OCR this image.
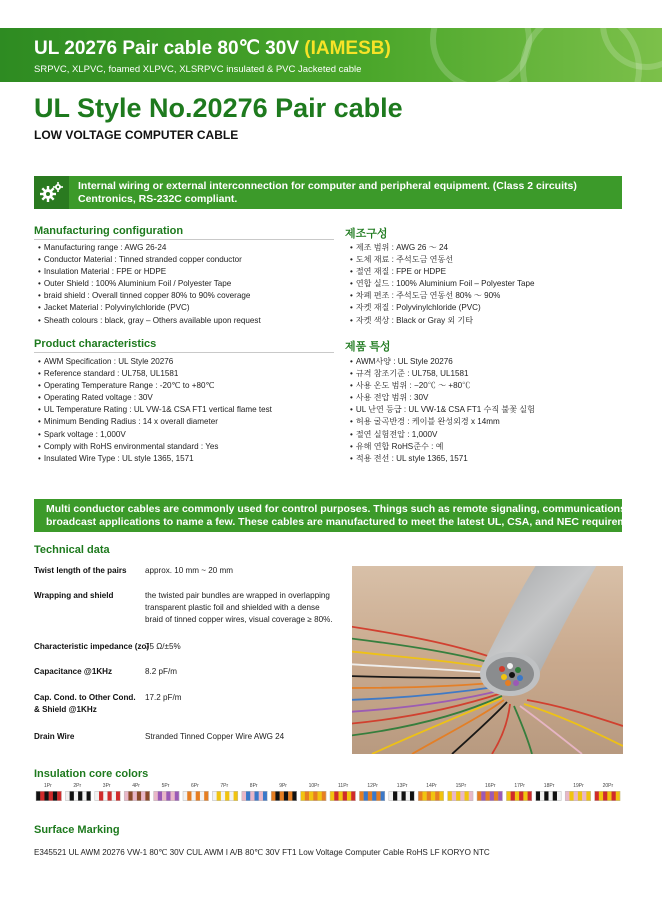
UL 20276 Pair cable 80℃ 30V (IAMESB)
SRPVC, XLPVC, foamed XLPVC, XLSRPVC insulated & PVC Jacketed cable
UL Style No.20276 Pair cable
LOW VOLTAGE COMPUTER CABLE
Internal wiring or external interconnection for computer and peripheral equipment. (Class 2 circuits)
Centronics, RS-232C compliant.
Manufacturing configuration
• Manufacturing range : AWG 26-24
• Conductor Material : Tinned stranded copper conductor
• Insulation Material : FPE or HDPE
• Outer Shield : 100% Aluminium Foil / Polyester Tape
• braid shield : Overall tinned copper 80% to 90% coverage
• Jacket Material : Polyvinylchloride (PVC)
• Sheath colours : black, gray – Others available upon request
제조구성
• 제조 범위 : AWG 26 〜 24
• 도체 재료 : 주석도금 연동선
• 절연 재질 : FPE or HDPE
• 연합 실드 : 100% Aluminium Foil – Polyester Tape
• 차폐 편조 : 주석도금 연동선 80% 〜 90%
• 자켓 재질 : Polyvinylchloride (PVC)
• 자켓 색상 : Black or Gray 외 기타
Product characteristics
• AWM Specification : UL Style 20276
• Reference standard : UL758, UL1581
• Operating Temperature Range : -20℃ to +80℃
• Operating Rated voltage : 30V
• UL Temperature Rating : UL VW-1& CSA FT1 vertical flame test
• Minimum Bending Radius : 14 x overall diameter
• Spark voltage : 1,000V
• Comply with RoHS environmental standard : Yes
• Insulated Wire Type : UL style 1365, 1571
제품 특성
• AWM사양 : UL Style 20276
• 규격 참조기준 : UL758, UL1581
• 사용 온도 범위 : −20℃ 〜 +80℃
• 사용 전압 범위 : 30V
• UL 난연 등급 : UL VW-1& CSA FT1 수직 불꽃 실험
• 허용 굴곡반경 : 케이블 완성외경 x 14mm
• 절연 실험전압 : 1,000V
• 유해 연합 RoHS준수 : 예
• 적용 전선 : UL style 1365, 1571
Multi conductor cables are commonly used for control purposes. Things such as remote signaling, communications and
broadcast applications to name a few. These cables are manufactured to meet the latest UL, CSA, and NEC requirements.
Technical data
Twist length of the pairs approx. 10 mm ~ 20 mm
Wrapping and shield	the twisted pair bundles are wrapped in overlapping
transparent plastic foil and shielded with a dense
braid of tinned copper wires, visual coverage ≥ 80%.
Characteristic impedance (zo)
75 Ω/±5%
Capacitance @1KHz	8.2 pF/m
Cap. Cond. to Other Cond.
& Shield @1KHz
17.2 pF/m
Drain Wire	Stranded Tinned Copper Wire AWG 24
Insulation core colors
1Pr	2Pr	3Pr	4Pr	5Pr	6Pr	7Pr	8Pr	9Pr	10Pr	11Pr	12Pr	13Pr	14Pr	15Pr	16Pr	17Pr	18Pr	19Pr	20Pr
Surface Marking
E345521 UL AWM 20276 VW-1 80℃ 30V CUL AWM I A/B 80℃ 30V FT1 Low Voltage Computer Cable RoHS LF KORYO NTC
